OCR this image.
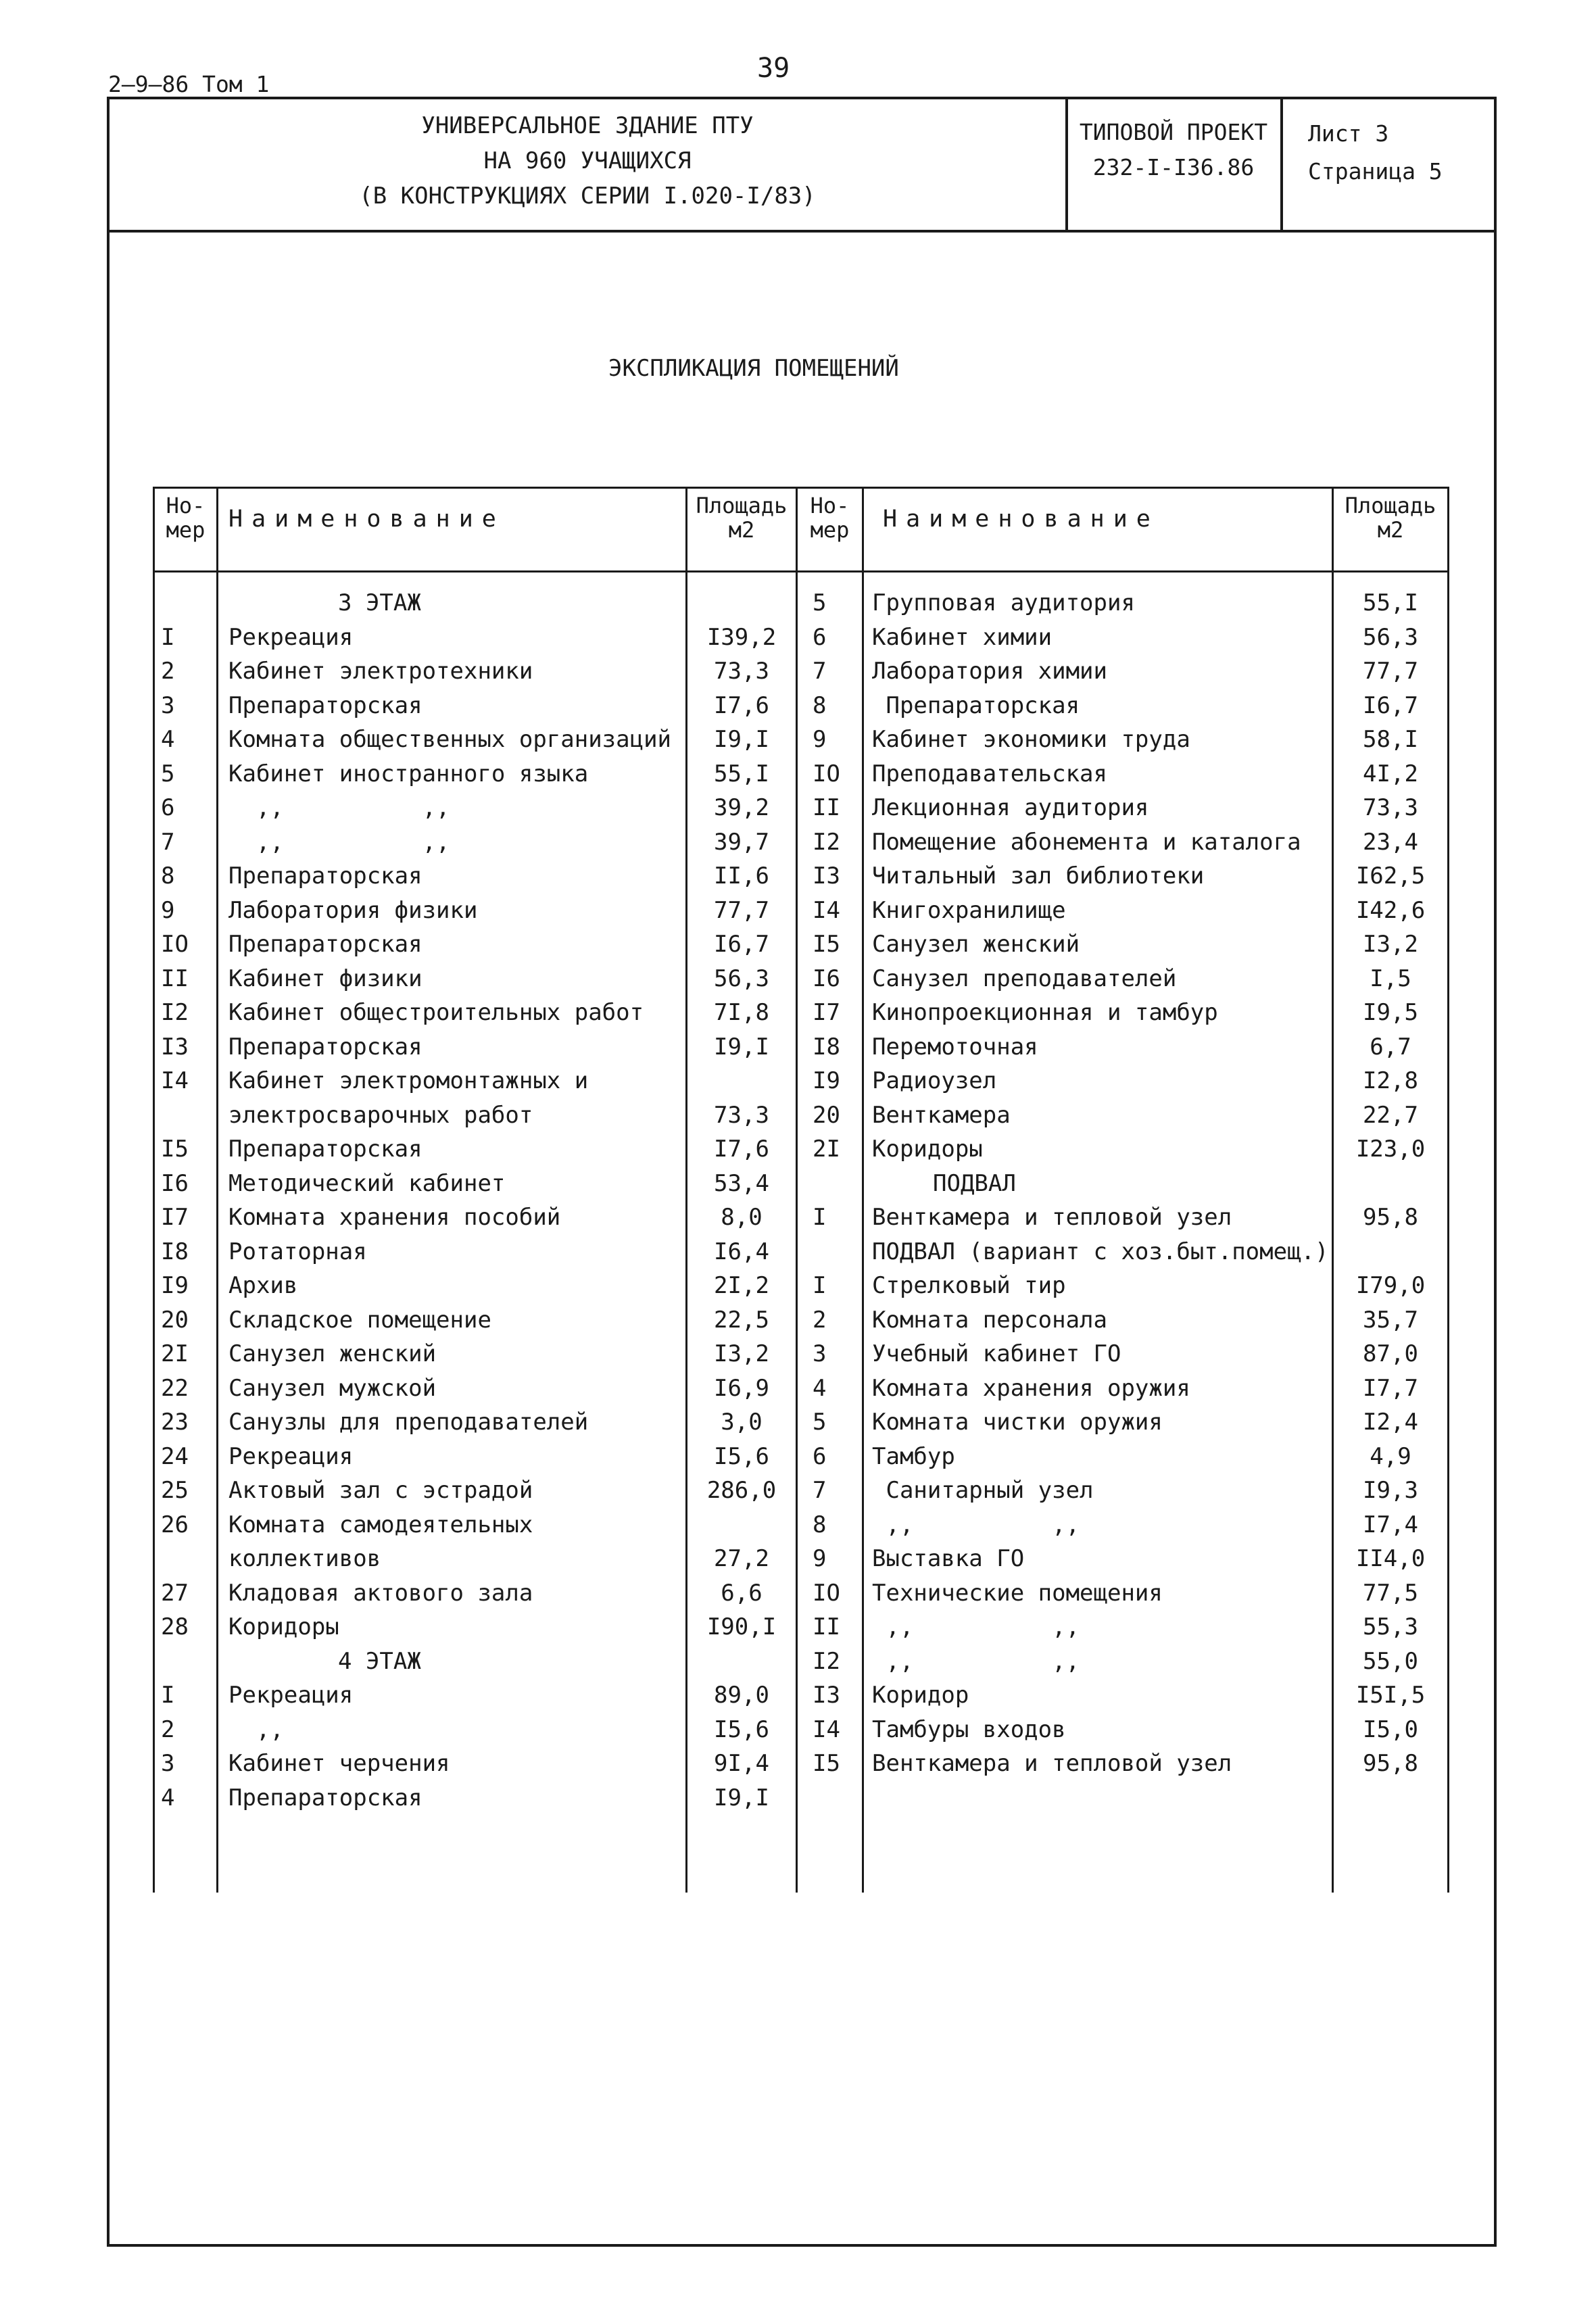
39
2–9–86 Том 1
УНИВЕРСАЛЬНОЕ ЗДАНИЕ ПТУ
НА 960 УЧАЩИХСЯ
(В КОНСТРУКЦИЯХ СЕРИИ I.020-I/83)
ТИПОВОЙ ПРОЕКТ
232-I-I36.86
Лист 3
Страница 5
ЭКСПЛИКАЦИЯ ПОМЕЩЕНИЙ
Но-
мер Наименование	Площадь
м2
Но-
мер	Наименование	Площадь
м2
3 ЭТАЖ
I Рекреация	I39,2
2 Кабинет электротехники	73,3
3 Препараторская	I7,6
4 Комната общественных организаций	I9,I
5 Кабинет иностранного языка	55,I
6 ,,          ,,	39,2
7 ,,          ,,	39,7
8 Препараторская	II,6
9 Лаборатория физики	77,7
IO Препараторская	I6,7
II Кабинет физики	56,3
I2 Кабинет общестроительных работ	7I,8
I3 Препараторская	I9,I
I4 Кабинет электромонтажных и
электросварочных работ	73,3
I5 Препараторская	I7,6
I6 Методический кабинет	53,4
I7 Комната хранения пособий	8,0
I8 Ротаторная	I6,4
I9 Архив	2I,2
20 Складское помещение	22,5
2I Санузел женский	I3,2
22 Санузел мужской	I6,9
23 Санузлы для преподавателей	3,0
24 Рекреация	I5,6
25 Актовый зал с эстрадой	286,0
26 Комната самодеятельных
коллективов	27,2
27 Кладовая актового зала	6,6
28 Коридоры	I90,I
4 ЭТАЖ
I Рекреация	89,0
2 ,,	I5,6
3 Кабинет черчения	9I,4
4 Препараторская	I9,I
5 Групповая аудитория	55,I
6 Кабинет химии	56,3
7 Лаборатория химии	77,7
8 Препараторская	I6,7
9 Кабинет экономики труда	58,I
IO Преподавательская	4I,2
II Лекционная аудитория	73,3
I2 Помещение абонемента и каталога	23,4
I3 Читальный зал библиотеки	I62,5
I4 Книгохранилище	I42,6
I5 Санузел женский	I3,2
I6 Санузел преподавателей	I,5
I7 Кинопроекционная и тамбур	I9,5
I8 Перемоточная	6,7
I9 Радиоузел	I2,8
20 Венткамера	22,7
2I Коридоры	I23,0
ПОДВАЛ
I Венткамера и тепловой узел	95,8
ПОДВАЛ (вариант с хоз.быт.помещ.)
I Стрелковый тир	I79,0
2 Комната персонала	35,7
3 Учебный кабинет ГО	87,0
4 Комната хранения оружия	I7,7
5 Комната чистки оружия	I2,4
6 Тамбур	4,9
7 Санитарный узел	I9,3
8 ,,          ,,	I7,4
9 Выставка ГО	II4,0
IO Технические помещения	77,5
II ,,          ,,	55,3
I2 ,,          ,,	55,0
I3 Коридор	I5I,5
I4 Тамбуры входов	I5,0
I5 Венткамера и тепловой узел	95,8
